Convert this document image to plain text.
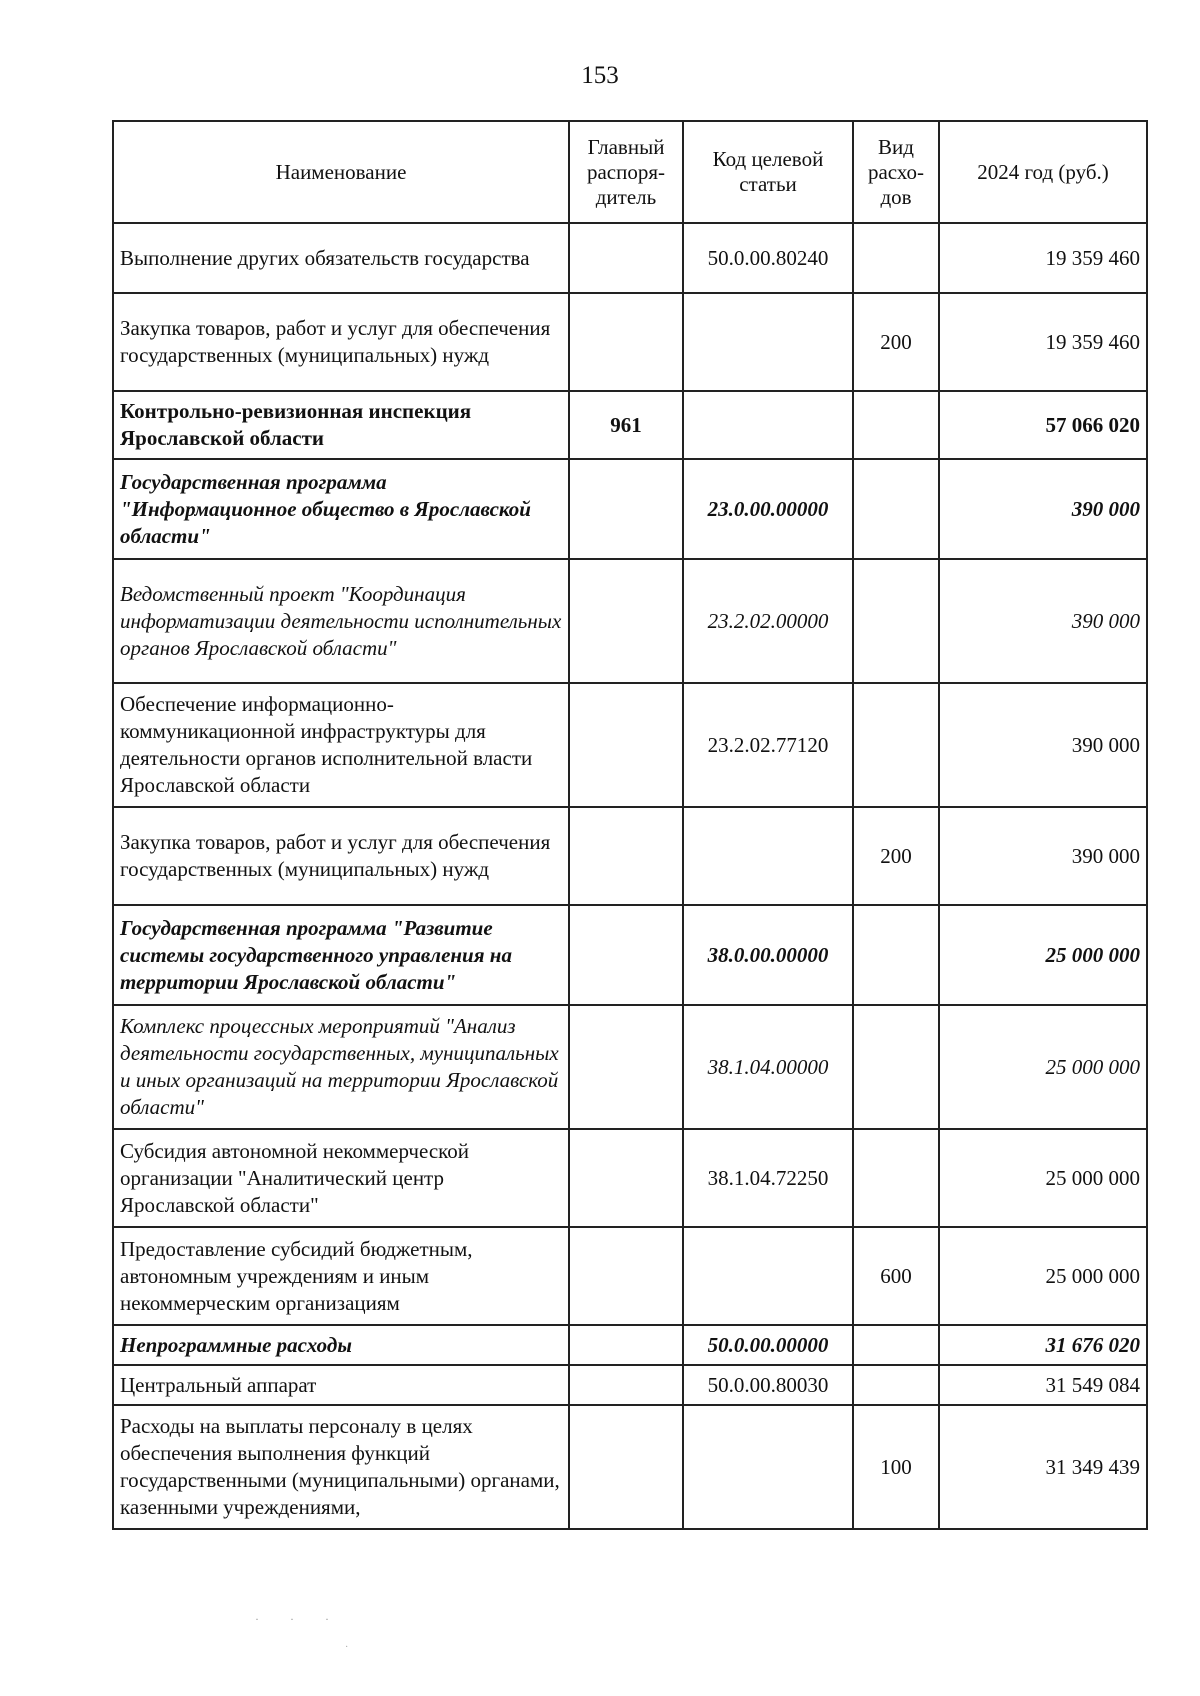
153
Наименование	Главный распоря-дитель	Код целевой статьи	Вид расхо-дов	2024 год (руб.)
Выполнение других обязательств государства		50.0.00.80240		19 359 460
Закупка товаров, работ и услуг для обеспечения государственных (муниципальных) нужд			200	19 359 460
Контрольно-ревизионная инспекция Ярославской области	961			57 066 020
Государственная программа "Информационное общество в Ярославской области"		23.0.00.00000		390 000
Ведомственный проект "Координация информатизации деятельности исполнительных органов Ярославской области"		23.2.02.00000		390 000
Обеспечение информационно-коммуникационной инфраструктуры для деятельности органов исполнительной власти Ярославской области		23.2.02.77120		390 000
Закупка товаров, работ и услуг для обеспечения государственных (муниципальных) нужд			200	390 000
Государственная программа "Развитие системы государственного управления на территории Ярославской области"		38.0.00.00000		25 000 000
Комплекс процессных мероприятий "Анализ деятельности государственных, муниципальных и иных организаций на территории Ярославской области"		38.1.04.00000		25 000 000
Субсидия автономной некоммерческой организации "Аналитический центр Ярославской области"		38.1.04.72250		25 000 000
Предоставление субсидий бюджетным, автономным учреждениям и иным некоммерческим организациям			600	25 000 000
Непрограммные расходы		50.0.00.00000		31 676 020
Центральный аппарат		50.0.00.80030		31 549 084
Расходы на выплаты персоналу в целях обеспечения выполнения функций государственными (муниципальными) органами, казенными учреждениями,			100	31 349 439
· · ·
·
